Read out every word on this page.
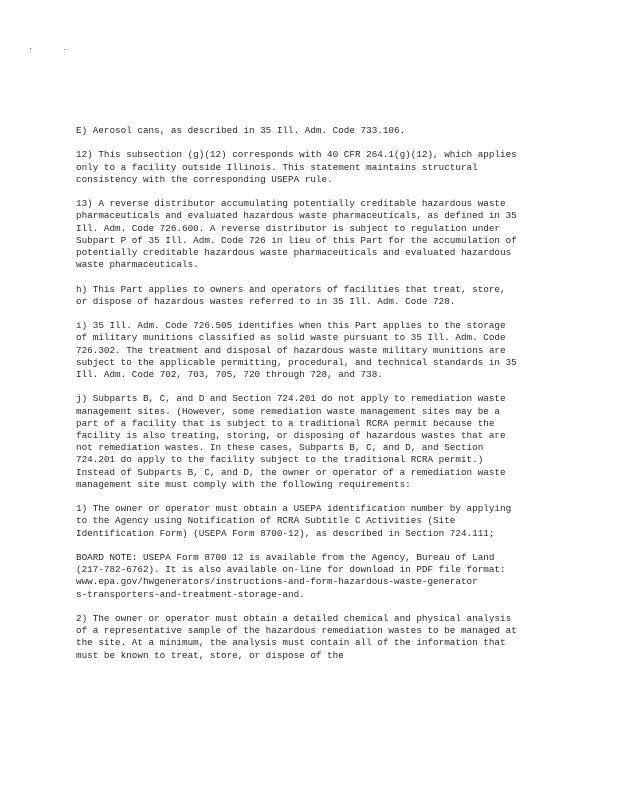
E) Aerosol cans, as described in 35 Ill. Adm. Code 733.106.

12) This subsection (g)(12) corresponds with 40 CFR 264.1(g)(12), which applies only to a facility outside Illinois. This statement maintains structural consistency with the corresponding USEPA rule.

13) A reverse distributor accumulating potentially creditable hazardous waste pharmaceuticals and evaluated hazardous waste pharmaceuticals, as defined in 35 Ill. Adm. Code 726.600. A reverse distributor is subject to regulation under Subpart P of 35 Ill. Adm. Code 726 in lieu of this Part for the accumulation of potentially creditable hazardous waste pharmaceuticals and evaluated hazardous waste pharmaceuticals.

h) This Part applies to owners and operators of facilities that treat, store, or dispose of hazardous wastes referred to in 35 Ill. Adm. Code 728.

i) 35 Ill. Adm. Code 726.505 identifies when this Part applies to the storage of military munitions classified as solid waste pursuant to 35 Ill. Adm. Code 726.302. The treatment and disposal of hazardous waste military munitions are subject to the applicable permitting, procedural, and technical standards in 35 Ill. Adm. Code 702, 703, 705, 720 through 728, and 738.

j) Subparts B, C, and D and Section 724.201 do not apply to remediation waste management sites. (However, some remediation waste management sites may be a part of a facility that is subject to a traditional RCRA permit because the facility is also treating, storing, or disposing of hazardous wastes that are not remediation wastes. In these cases, Subparts B, C, and D, and Section 724.201 do apply to the facility subject to the traditional RCRA permit.) Instead of Subparts B, C, and D, the owner or operator of a remediation waste management site must comply with the following requirements:

1) The owner or operator must obtain a USEPA identification number by applying to the Agency using Notification of RCRA Subtitle C Activities (Site Identification Form) (USEPA Form 8700-12), as described in Section 724.111;

BOARD NOTE: USEPA Form 8700 12 is available from the Agency, Bureau of Land (217-782-6762). It is also available on-line for download in PDF file format:
www.epa.gov/hwgenerators/instructions-and-form-hazardous-waste-generator
s-transporters-and-treatment-storage-and.

2) The owner or operator must obtain a detailed chemical and physical analysis of a representative sample of the hazardous remediation wastes to be managed at the site. At a minimum, the analysis must contain all of the information that must be known to treat, store, or dispose of the
